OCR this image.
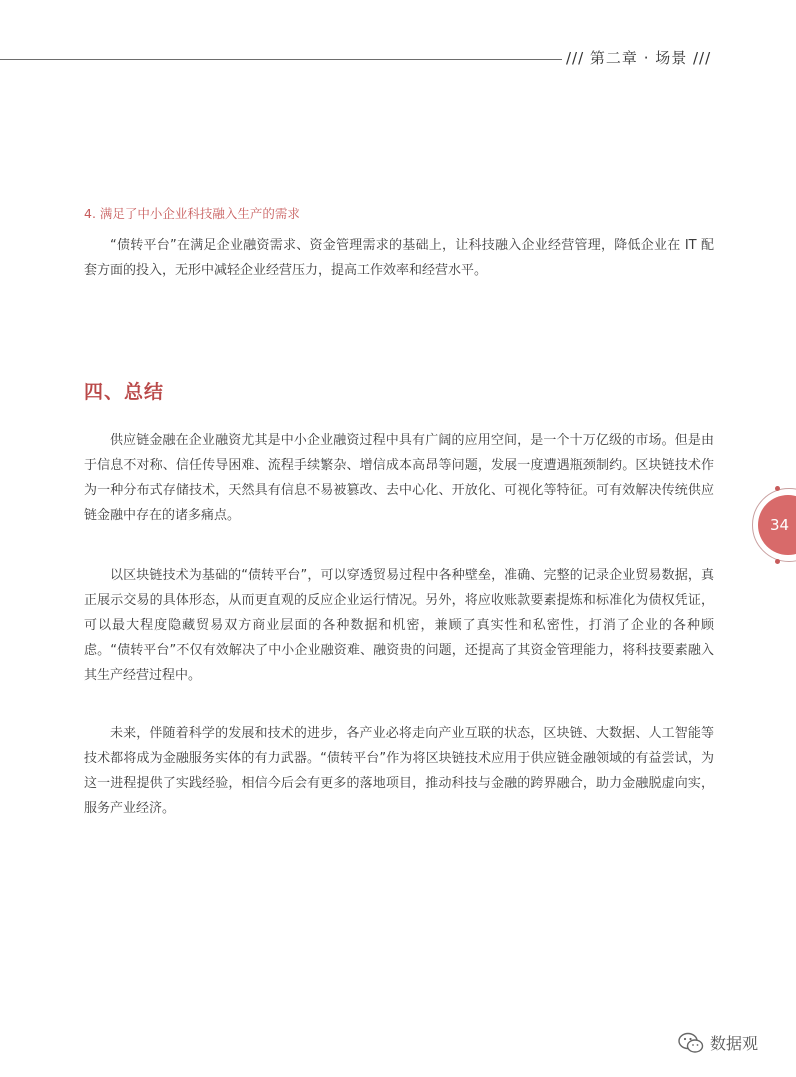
/// 第二章 · 场景 ///
4. 满足了中小企业科技融入生产的需求

“债转平台”在满足企业融资需求、资金管理需求的基础上，让科技融入企业经营管理，降低企业在 IT 配套方面的投入，无形中减轻企业经营压力，提高工作效率和经营水平。

四、总结

供应链金融在企业融资尤其是中小企业融资过程中具有广阔的应用空间，是一个十万亿级的市场。但是由于信息不对称、信任传导困难、流程手续繁杂、增信成本高昂等问题，发展一度遭遇瓶颈制约。区块链技术作为一种分布式存储技术，天然具有信息不易被篡改、去中心化、开放化、可视化等特征。可有效解决传统供应链金融中存在的诸多痛点。

以区块链技术为基础的“债转平台”，可以穿透贸易过程中各种壁垒，准确、完整的记录企业贸易数据，真正展示交易的具体形态，从而更直观的反应企业运行情况。另外，将应收账款要素提炼和标准化为债权凭证，可以最大程度隐藏贸易双方商业层面的各种数据和机密，兼顾了真实性和私密性，打消了企业的各种顾虑。“债转平台”不仅有效解决了中小企业融资难、融资贵的问题，还提高了其资金管理能力，将科技要素融入其生产经营过程中。

未来，伴随着科学的发展和技术的进步，各产业必将走向产业互联的状态，区块链、大数据、人工智能等技术都将成为金融服务实体的有力武器。“债转平台”作为将区块链技术应用于供应链金融领域的有益尝试，为这一进程提供了实践经验，相信今后会有更多的落地项目，推动科技与金融的跨界融合，助力金融脱虚向实，服务产业经济。

34
数据观
